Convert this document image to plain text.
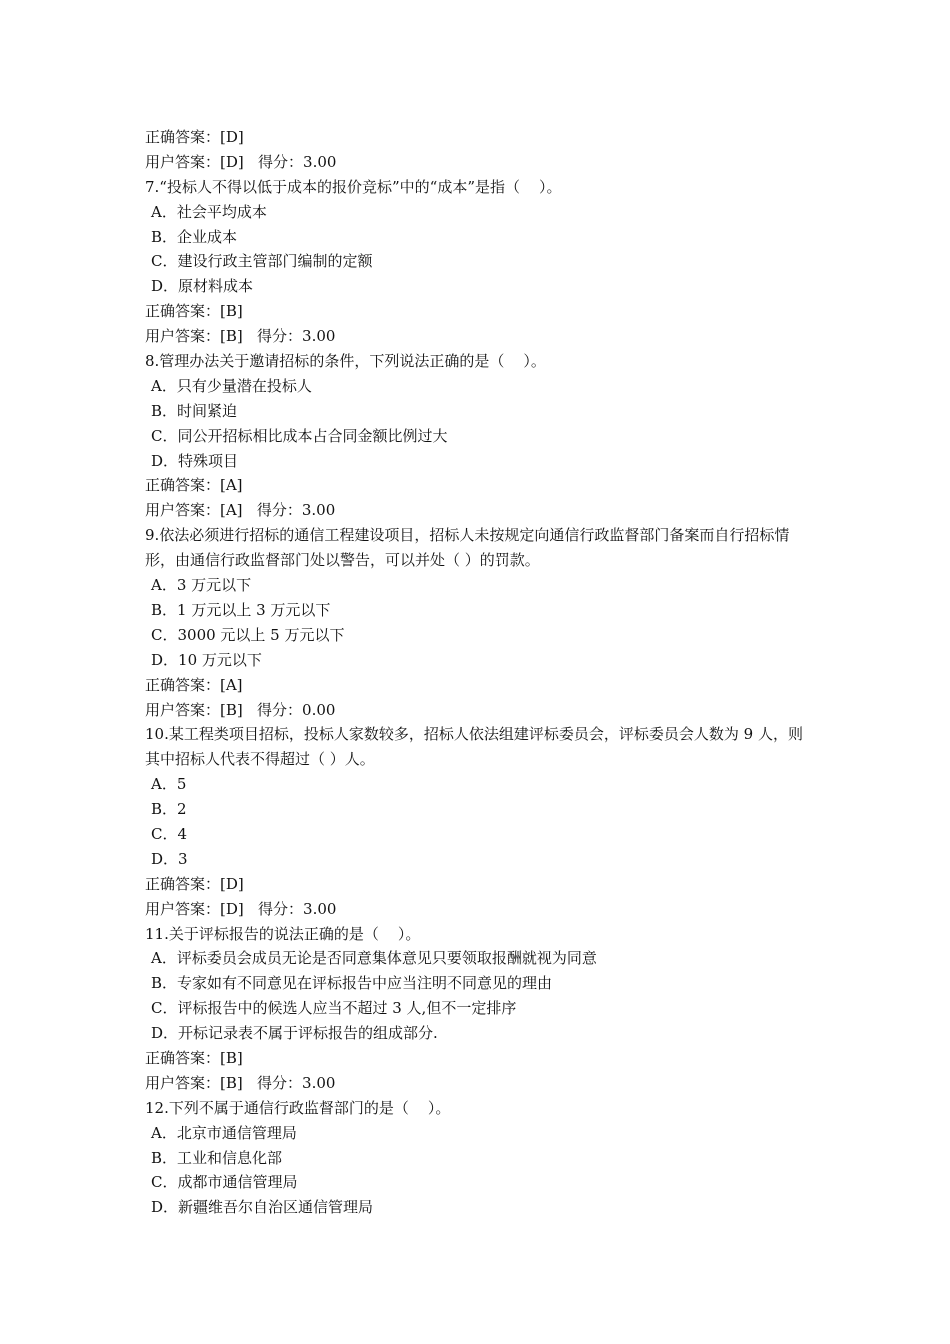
正确答案：[D]
用户答案：[D]   得分：3.00
7.“投标人不得以低于成本的报价竞标”中的“成本”是指（    ）。
A．社会平均成本
B．企业成本
C．建设行政主管部门编制的定额
D．原材料成本
正确答案：[B]
用户答案：[B]   得分：3.00
8.管理办法关于邀请招标的条件，下列说法正确的是（    ）。
A．只有少量潜在投标人
B．时间紧迫
C．同公开招标相比成本占合同金额比例过大
D．特殊项目
正确答案：[A]
用户答案：[A]   得分：3.00
9.依法必须进行招标的通信工程建设项目，招标人未按规定向通信行政监督部门备案而自行招标情形，由通信行政监督部门处以警告，可以并处（ ）的罚款。
A．3 万元以下
B．1 万元以上 3 万元以下
C．3000 元以上 5 万元以下
D．10 万元以下
正确答案：[A]
用户答案：[B]   得分：0.00
10.某工程类项目招标，投标人家数较多，招标人依法组建评标委员会，评标委员会人数为 9 人，则其中招标人代表不得超过（ ）人。
A．5
B．2
C．4
D．3
正确答案：[D]
用户答案：[D]   得分：3.00
11.关于评标报告的说法正确的是（    ）。
A．评标委员会成员无论是否同意集体意见只要领取报酬就视为同意
B．专家如有不同意见在评标报告中应当注明不同意见的理由
C．评标报告中的候选人应当不超过 3 人,但不一定排序
D．开标记录表不属于评标报告的组成部分.
正确答案：[B]
用户答案：[B]   得分：3.00
12.下列不属于通信行政监督部门的是（    ）。
A．北京市通信管理局
B．工业和信息化部
C．成都市通信管理局
D．新疆维吾尔自治区通信管理局
